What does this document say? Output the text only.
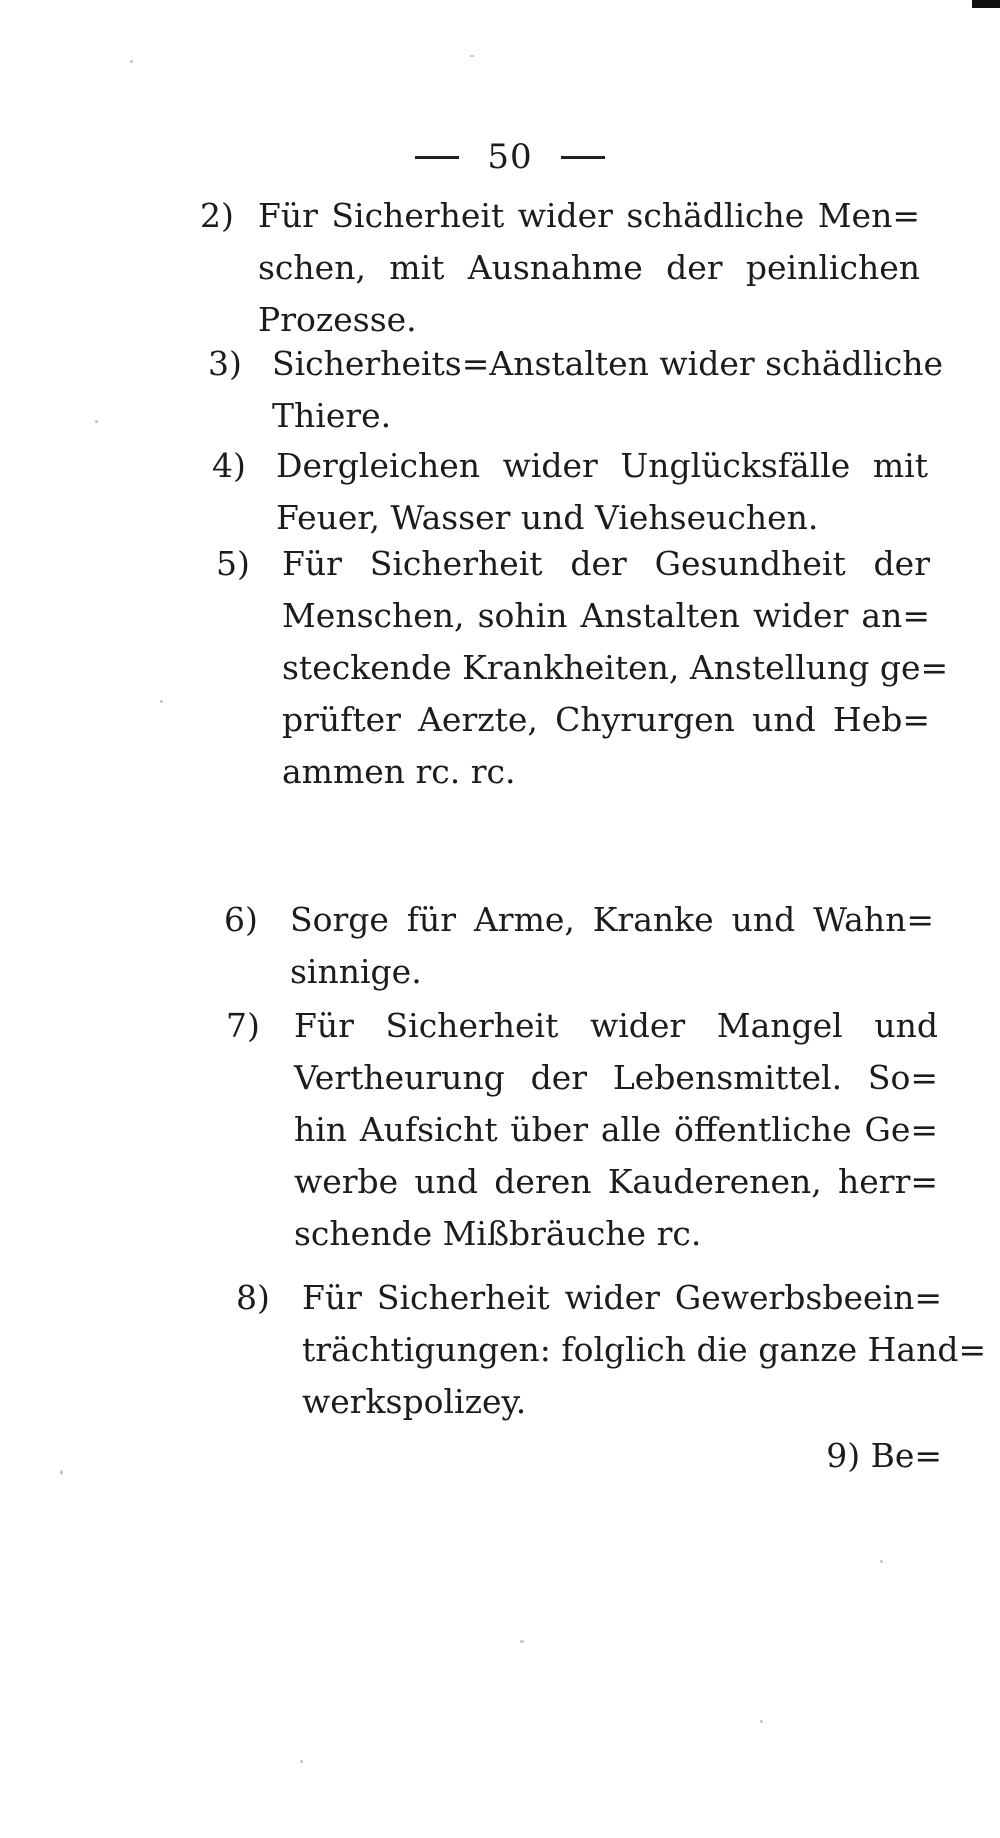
50
2) Für Sicherheit wider schädliche Men=
schen, mit Ausnahme der peinlichen
Prozesse.
3) Sicherheits=Anstalten wider schädliche
Thiere.
4) Dergleichen wider Unglücksfälle mit
Feuer, Wasser und Viehseuchen.
5) Für Sicherheit der Gesundheit der
Menschen, sohin Anstalten wider an=
steckende Krankheiten, Anstellung ge=
prüfter Aerzte, Chyrurgen und Heb=
ammen rc. rc.
6) Sorge für Arme, Kranke und Wahn=
sinnige.
7) Für Sicherheit wider Mangel und
Vertheurung der Lebensmittel. So=
hin Aufsicht über alle öffentliche Ge=
werbe und deren Kauderenen, herr=
schende Mißbräuche rc.
8) Für Sicherheit wider Gewerbsbeein=
trächtigungen: folglich die ganze Hand=
werkspolizey.
9) Be=
